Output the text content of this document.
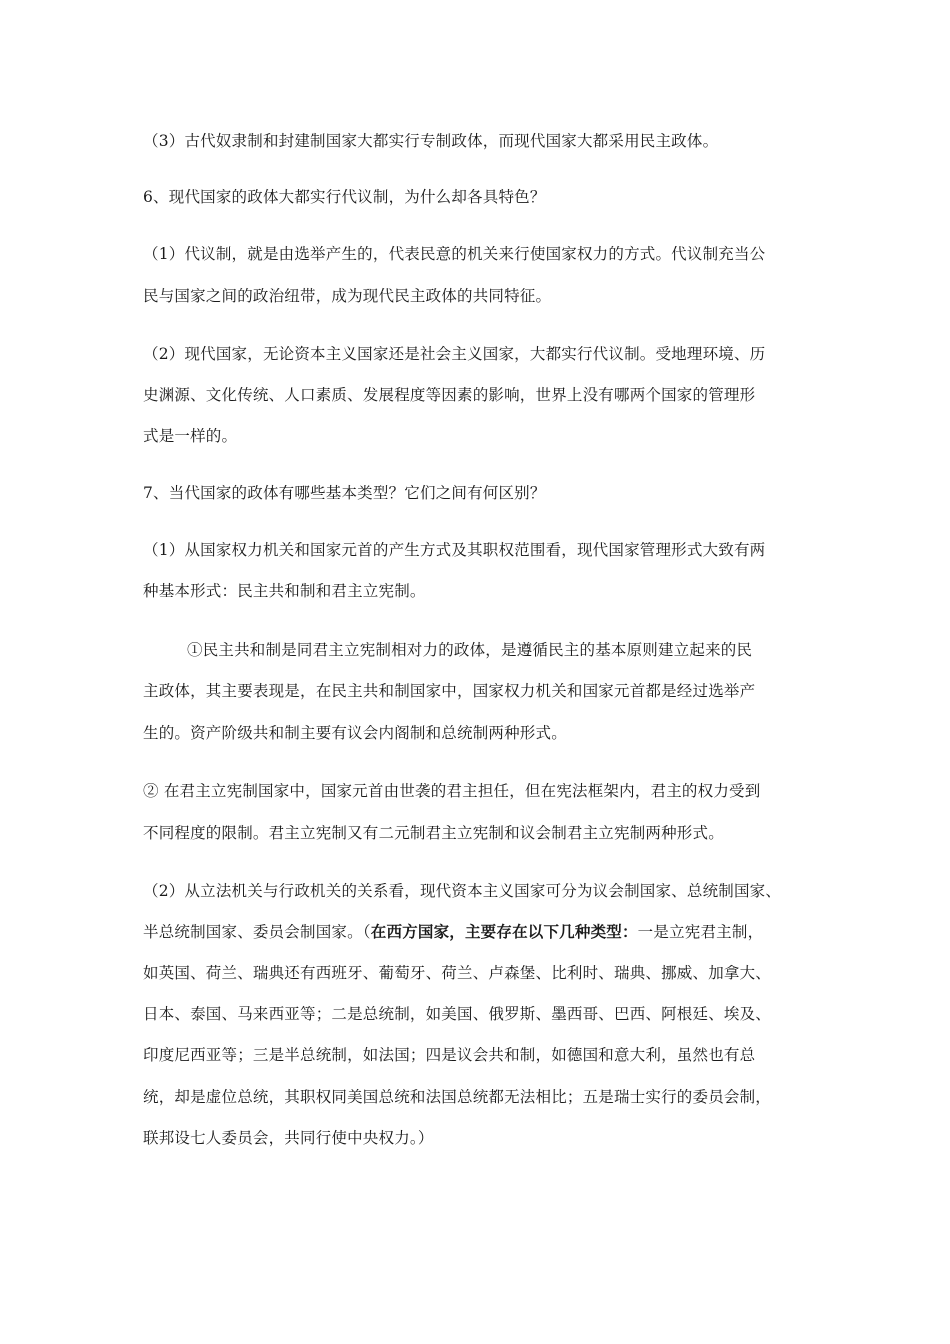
（3）古代奴隶制和封建制国家大都实行专制政体，而现代国家大都采用民主政体。
6、现代国家的政体大都实行代议制，为什么却各具特色？
（1）代议制，就是由选举产生的，代表民意的机关来行使国家权力的方式。代议制充当公
民与国家之间的政治纽带，成为现代民主政体的共同特征。
（2）现代国家，无论资本主义国家还是社会主义国家，大都实行代议制。受地理环境、历
史渊源、文化传统、人口素质、发展程度等因素的影响，世界上没有哪两个国家的管理形
式是一样的。
7、当代国家的政体有哪些基本类型？它们之间有何区别？
（1）从国家权力机关和国家元首的产生方式及其职权范围看，现代国家管理形式大致有两
种基本形式：民主共和制和君主立宪制。
①民主共和制是同君主立宪制相对力的政体，是遵循民主的基本原则建立起来的民
主政体，其主要表现是，在民主共和制国家中，国家权力机关和国家元首都是经过选举产
生的。资产阶级共和制主要有议会内阁制和总统制两种形式。
② 在君主立宪制国家中，国家元首由世袭的君主担任，但在宪法框架内，君主的权力受到
不同程度的限制。君主立宪制又有二元制君主立宪制和议会制君主立宪制两种形式。
（2）从立法机关与行政机关的关系看，现代资本主义国家可分为议会制国家、总统制国家、
半总统制国家、委员会制国家。（在西方国家，主要存在以下几种类型：一是立宪君主制，
如英国、荷兰、瑞典还有西班牙、葡萄牙、荷兰、卢森堡、比利时、瑞典、挪威、加拿大、
日本、泰国、马来西亚等；二是总统制，如美国、俄罗斯、墨西哥、巴西、阿根廷、埃及、
印度尼西亚等；三是半总统制，如法国；四是议会共和制，如德国和意大利，虽然也有总
统，却是虚位总统，其职权同美国总统和法国总统都无法相比；五是瑞士实行的委员会制，
联邦设七人委员会，共同行使中央权力。）
